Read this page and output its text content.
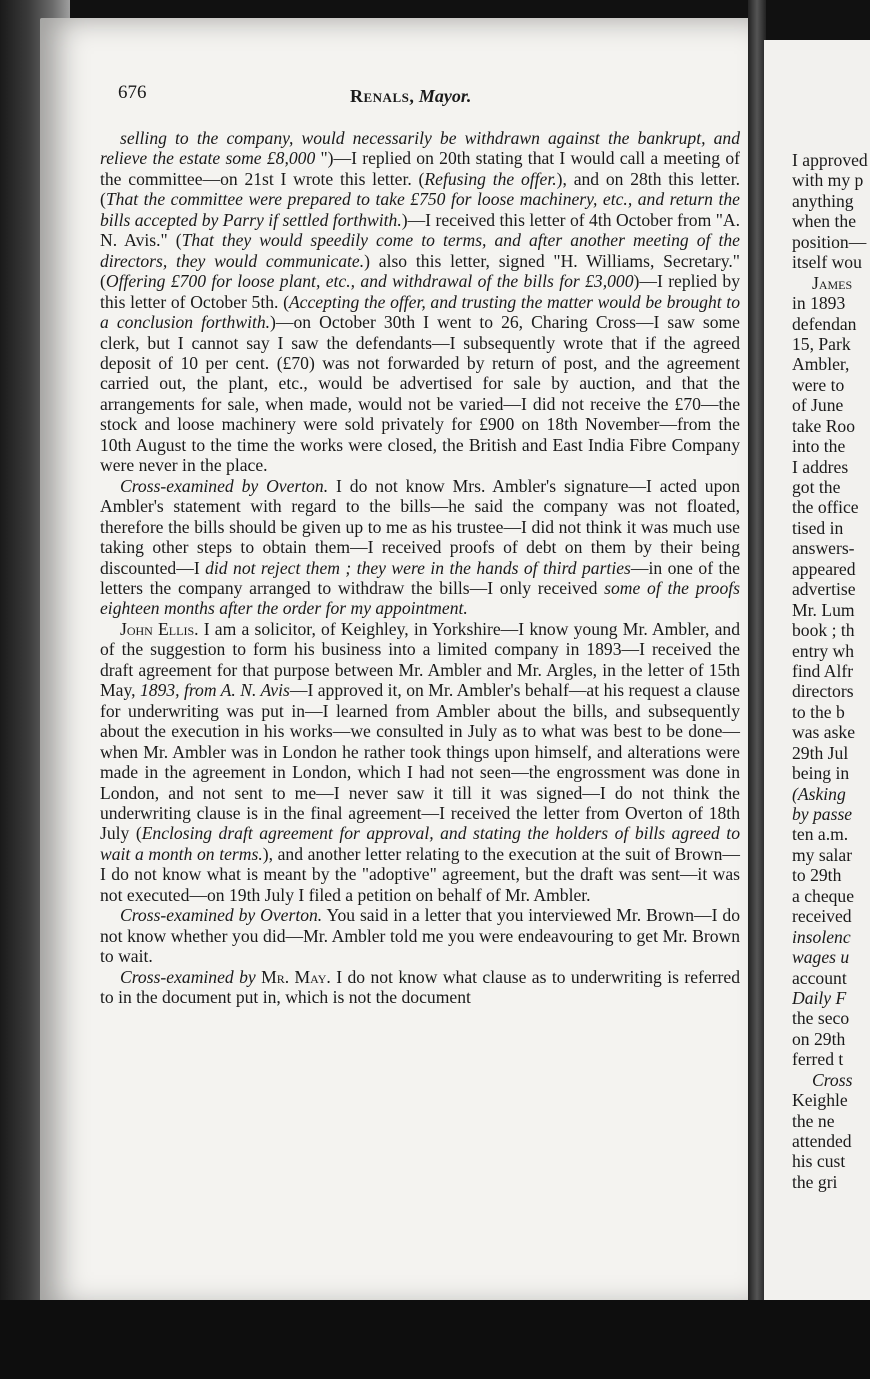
676	Renals, Mayor.

selling to the company, would necessarily be withdrawn against the bankrupt, and relieve the estate some £8,000 ")—I replied on 20th stating that I would call a meeting of the committee—on 21st I wrote this letter. (Refusing the offer.), and on 28th this letter. (That the committee were prepared to take £750 for loose machinery, etc., and return the bills accepted by Parry if settled forthwith.)—I received this letter of 4th October from "A. N. Avis." (That they would speedily come to terms, and after another meeting of the directors, they would communicate.) also this letter, signed "H. Williams, Secretary." (Offering £700 for loose plant, etc., and withdrawal of the bills for £3,000)—I replied by this letter of October 5th. (Accepting the offer, and trusting the matter would be brought to a conclusion forthwith.)—on October 30th I went to 26, Charing Cross—I saw some clerk, but I cannot say I saw the defendants—I subsequently wrote that if the agreed deposit of 10 per cent. (£70) was not forwarded by return of post, and the agreement carried out, the plant, etc., would be advertised for sale by auction, and that the arrangements for sale, when made, would not be varied—I did not receive the £70—the stock and loose machinery were sold privately for £900 on 18th November—from the 10th August to the time the works were closed, the British and East India Fibre Company were never in the place.

Cross-examined by Overton. I do not know Mrs. Ambler's signature—I acted upon Ambler's statement with regard to the bills—he said the company was not floated, therefore the bills should be given up to me as his trustee—I did not think it was much use taking other steps to obtain them—I received proofs of debt on them by their being discounted—I did not reject them ; they were in the hands of third parties—in one of the letters the company arranged to withdraw the bills—I only received some of the proofs eighteen months after the order for my appointment.

John Ellis. I am a solicitor, of Keighley, in Yorkshire—I know young Mr. Ambler, and of the suggestion to form his business into a limited company in 1893—I received the draft agreement for that purpose between Mr. Ambler and Mr. Argles, in the letter of 15th May, 1893, from A. N. Avis—I approved it, on Mr. Ambler's behalf—at his request a clause for underwriting was put in—I learned from Ambler about the bills, and subsequently about the execution in his works—we consulted in July as to what was best to be done—when Mr. Ambler was in London he rather took things upon himself, and alterations were made in the agreement in London, which I had not seen—the engrossment was done in London, and not sent to me—I never saw it till it was signed—I do not think the underwriting clause is in the final agreement—I received the letter from Overton of 18th July (Enclosing draft agreement for approval, and stating the holders of bills agreed to wait a month on terms.), and another letter relating to the execution at the suit of Brown—I do not know what is meant by the "adoptive" agreement, but the draft was sent—it was not executed—on 19th July I filed a petition on behalf of Mr. Ambler.

Cross-examined by Overton. You said in a letter that you interviewed Mr. Brown—I do not know whether you did—Mr. Ambler told me you were endeavouring to get Mr. Brown to wait.

Cross-examined by Mr. May. I do not know what clause as to underwriting is referred to in the document put in, which is not the document

I approved
with my p
anything
when the
position—
itself wou
James
in 1893
defendan
15, Park
Ambler,
were to
of June
take Roo
into the
I addres
got the
the office
tised in
answers-
appeared
advertise
Mr. Lum
book ; th
entry wh
find Alfr
directors
to the b
was aske
29th Jul
being in
(Asking
by passe
ten a.m.
my salar
to 29th
a cheque
received
insolenc
wages u
account
Daily F
the seco
on 29th
ferred t
Cross
Keighle
the ne
attended
his cust
the gri
